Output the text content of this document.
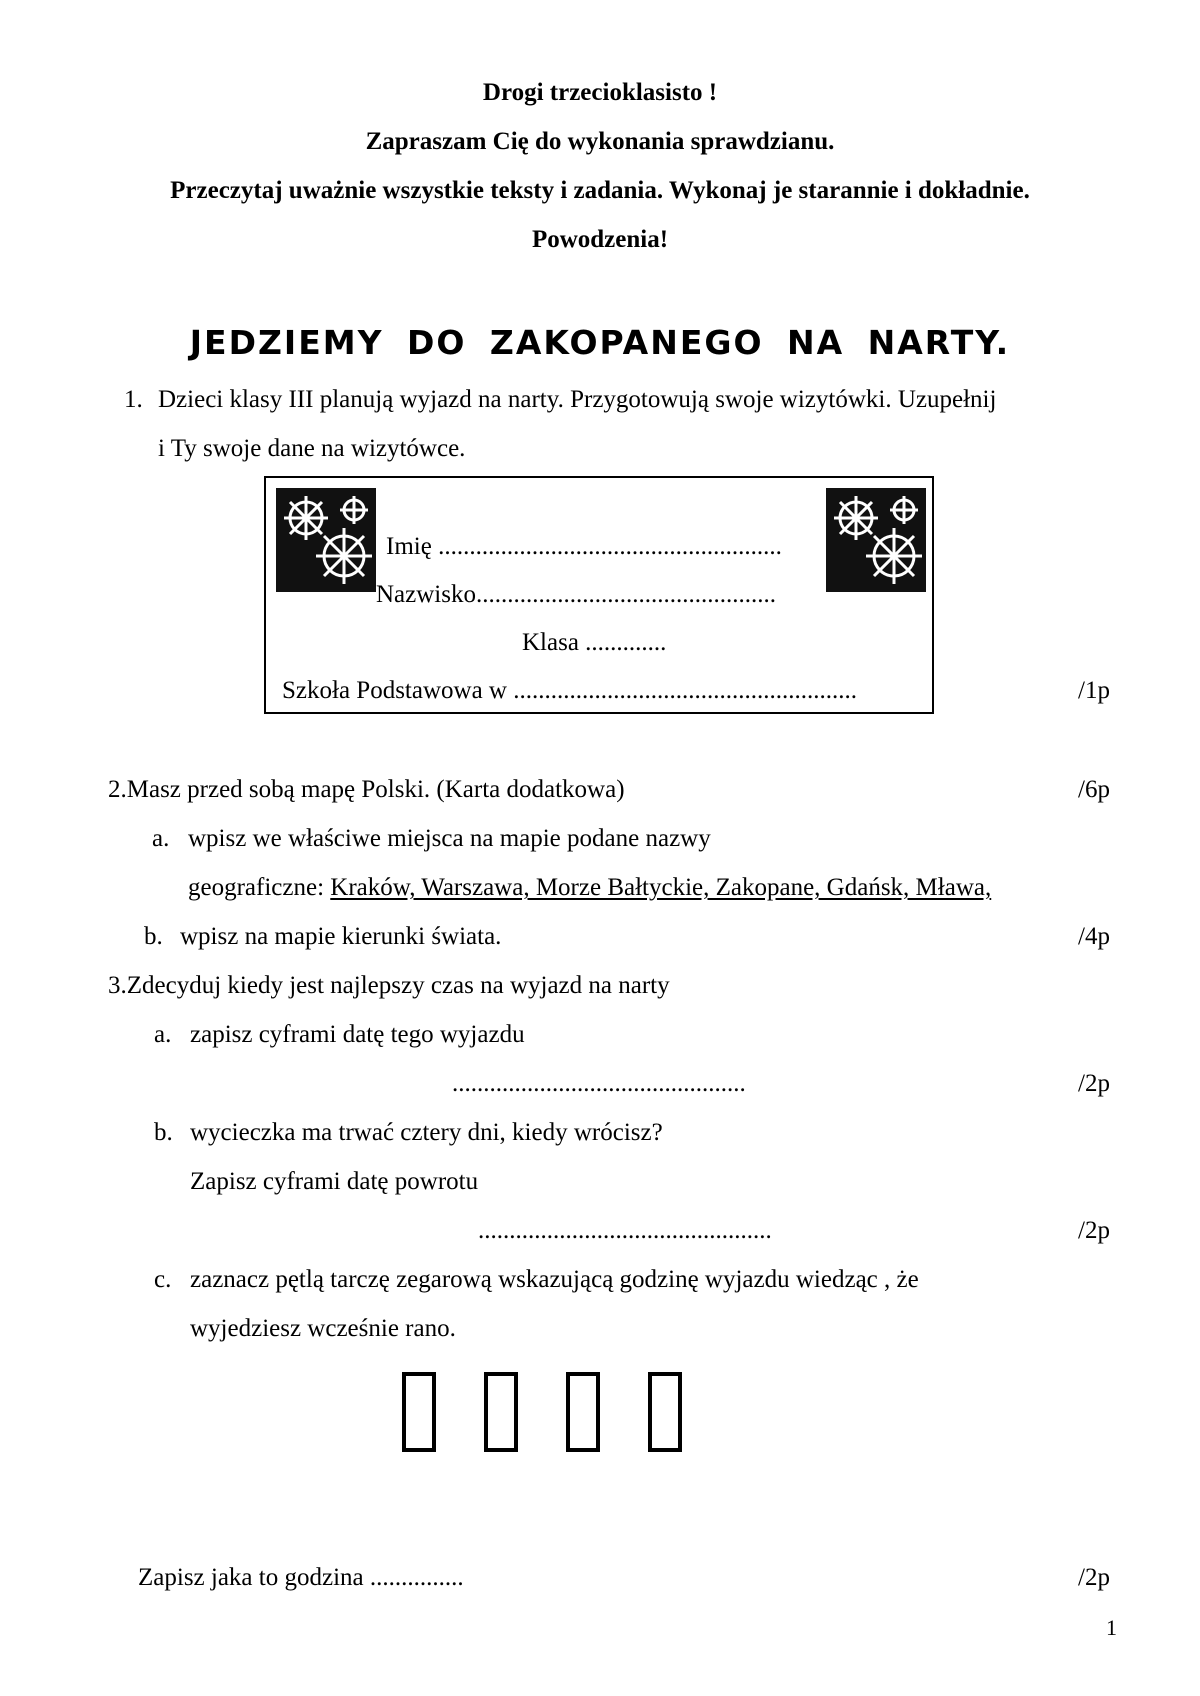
Drogi trzecioklasisto !
Zapraszam Cię do wykonania sprawdzianu.
Przeczytaj uważnie wszystkie teksty i zadania. Wykonaj je starannie i dokładnie.
Powodzenia!
JEDZIEMY DO ZAKOPANEGO NA NARTY.
1. Dzieci klasy III planują wyjazd na narty. Przygotowują swoje wizytówki. Uzupełnij
i Ty swoje dane na wizytówce.
Imię .......................................................
Nazwisko................................................
Klasa .............
Szkoła Podstawowa w .......................................................	/1p
2.Masz przed sobą mapę Polski. (Karta dodatkowa)	/6p
a. wpisz we właściwe miejsca na mapie podane nazwy
geograficzne: Kraków, Warszawa, Morze Bałtyckie, Zakopane, Gdańsk, Mława,
b. wpisz na mapie kierunki świata.	/4p
3.Zdecyduj kiedy jest najlepszy czas na wyjazd na narty
a. zapisz cyframi datę tego wyjazdu
...............................................	/2p
b. wycieczka ma trwać cztery dni, kiedy wrócisz?
Zapisz cyframi datę powrotu
...............................................	/2p
c. zaznacz pętlą tarczę zegarową wskazującą godzinę wyjazdu wiedząc , że
wyjedziesz wcześnie rano.
Zapisz jaka to godzina ...............	/2p
1
